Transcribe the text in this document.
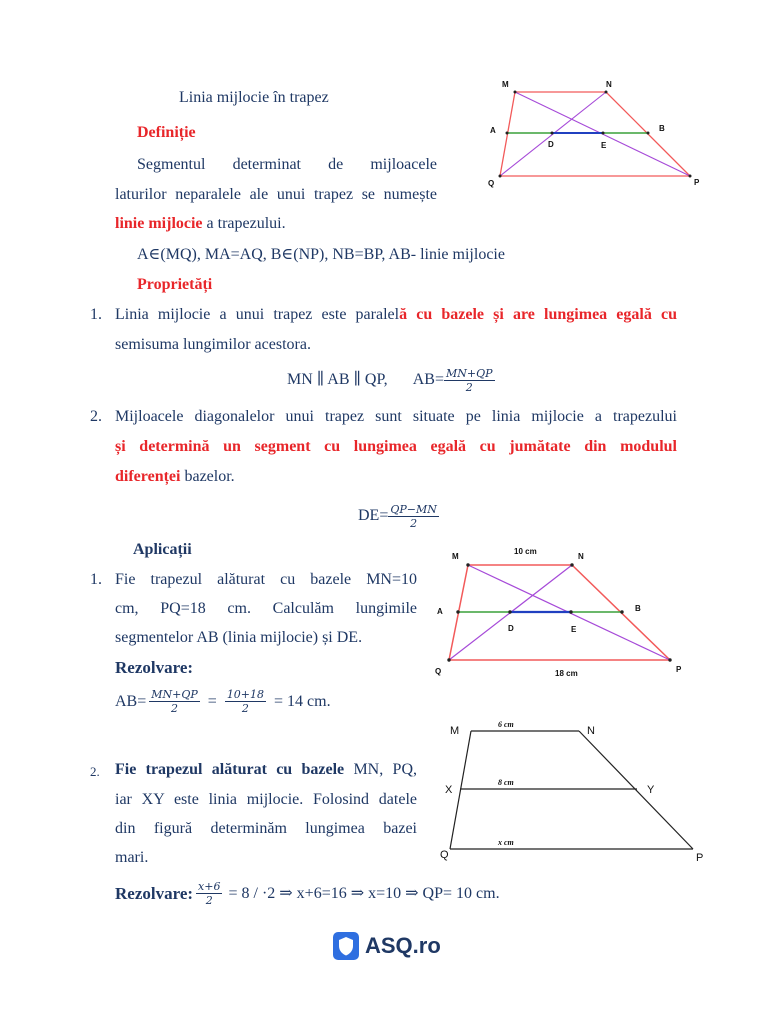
Linia mijlocie în trapez
Definiție
Segmentul determinat de mijloacele
laturilor neparalele ale unui trapez se numește
linie mijlocie a trapezului.
A∈(MQ), MA=AQ, B∈(NP), NB=BP, AB- linie mijlocie
Proprietăți
1. Linia mijlocie a unui trapez este paralelă cu bazele și are lungimea egală cu
semisuma lungimilor acestora.
MN ∥ AB ∥ QP, $AB= \frac{MN+QP}{2}$
2. Mijloacele diagonalelor unui trapez sunt situate pe linia mijlocie a trapezului
și determină un segment cu lungimea egală cu jumătate din modulul
diferenței bazelor.
$DE= \frac{QP-MN}{2}$
Aplicații
1. Fie trapezul alăturat cu bazele MN=10
cm, PQ=18 cm. Calculăm lungimile
segmentelor AB (linia mijlocie) și DE.
Rezolvare:
$AB= \frac{MN+QP}{2} = \frac{10+18}{2} = 14$ cm.
2. Fie trapezul alăturat cu bazele MN, PQ,
iar XY este linia mijlocie. Folosind datele
din figură determinăm lungimea bazei
mari.
Rezolvare: $\frac{x+6}{2} = 8 / \cdot 2$ ⇒ x+6=16 ⇒ x=10 ⇒ QP= 10 cm.
M	N
A	B
D	E
Q	P
M	N
10 cm
A	B
D	E
Q	P
18 cm
M	N
6 cm
X	Y
8 cm
Q	P
x cm
ASQ.ro
